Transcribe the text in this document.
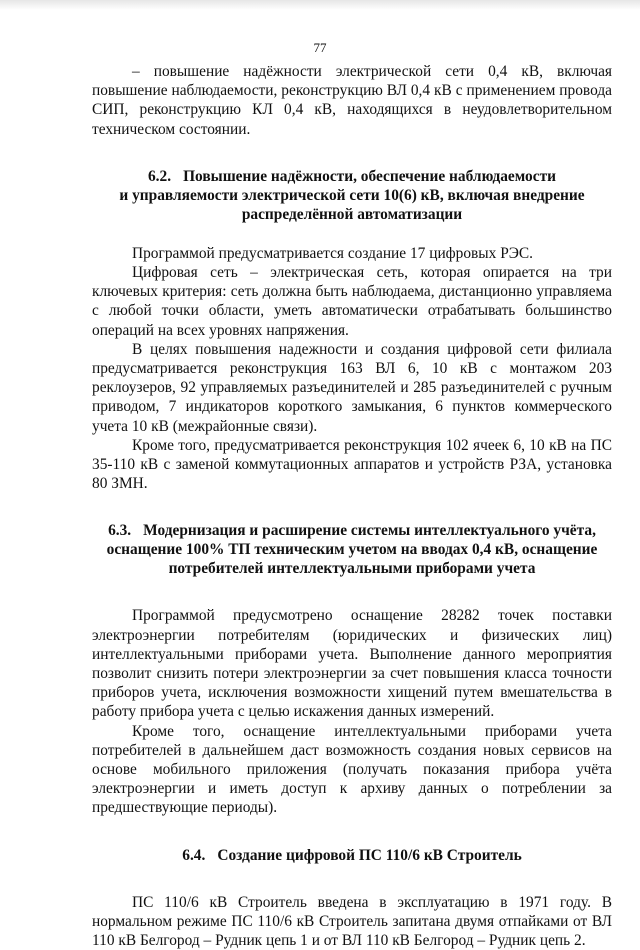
77

– повышение надёжности электрической сети 0,4 кВ, включая повышение наблюдаемости, реконструкцию ВЛ 0,4 кВ с применением провода СИП, реконструкцию КЛ 0,4 кВ, находящихся в неудовлетворительном техническом состоянии.

6.2. Повышение надёжности, обеспечение наблюдаемости
и управляемости электрической сети 10(6) кВ, включая внедрение
распределённой автоматизации

Программой предусматривается создание 17 цифровых РЭС.

Цифровая сеть – электрическая сеть, которая опирается на три ключевых критерия: сеть должна быть наблюдаема, дистанционно управляема с любой точки области, уметь автоматически отрабатывать большинство операций на всех уровнях напряжения.

В целях повышения надежности и создания цифровой сети филиала предусматривается реконструкция 163 ВЛ 6, 10 кВ с монтажом 203 реклоузеров, 92 управляемых разъединителей и 285 разъединителей с ручным приводом, 7 индикаторов короткого замыкания, 6 пунктов коммерческого учета 10 кВ (межрайонные связи).

Кроме того, предусматривается реконструкция 102 ячеек 6, 10 кВ на ПС 35-110 кВ с заменой коммутационных аппаратов и устройств РЗА, установка 80 ЗМН.

6.3. Модернизация и расширение системы интеллектуального учёта,
оснащение 100% ТП техническим учетом на вводах 0,4 кВ, оснащение
потребителей интеллектуальными приборами учета

Программой предусмотрено оснащение 28282 точек поставки электроэнергии потребителям (юридических и физических лиц) интеллектуальными приборами учета. Выполнение данного мероприятия позволит снизить потери электроэнергии за счет повышения класса точности приборов учета, исключения возможности хищений путем вмешательства в работу прибора учета с целью искажения данных измерений.

Кроме того, оснащение интеллектуальными приборами учета потребителей в дальнейшем даст возможность создания новых сервисов на основе мобильного приложения (получать показания прибора учёта электроэнергии и иметь доступ к архиву данных о потреблении за предшествующие периоды).

6.4. Создание цифровой ПС 110/6 кВ Строитель

ПС 110/6 кВ Строитель введена в эксплуатацию в 1971 году. В нормальном режиме ПС 110/6 кВ Строитель запитана двумя отпайками от ВЛ 110 кВ Белгород – Рудник цепь 1 и от ВЛ 110 кВ Белгород – Рудник цепь 2.
